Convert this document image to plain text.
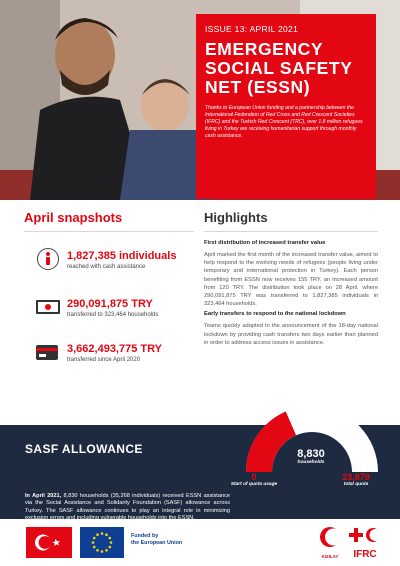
ISSUE 13: APRIL 2021
EMERGENCY
SOCIAL SAFETY
NET (ESSN)
Thanks to European Union funding and a partnership between the International Federation of Red Cross and Red Crescent Societies (IFRC) and the Turkish Red Crescent (TRC), over 1.8 million refugees living in Turkey are receiving humanitarian support through monthly cash assistance.
April snapshots
1,827,385 individuals
reached with cash assistance
290,091,875 TRY
transferred to 323,464 households
3,662,493,775 TRY
transferred since April 2020
Highlights
First distribution of increased transfer value
April marked the first month of the increased transfer value, aimed to help respond to the evolving needs of refugees (people living under temporary and international protection in Turkey). Each person benefiting from ESSN now receives 155 TRY, an increased amount from 120 TRY. The distribution took place on 28 April, where 290,091,875 TRY was transferred to 1,827,385 individuals in 323,464 households.
Early transfers to respond to the national lockdown
Teams quickly adapted to the announcement of the 18-day national lockdown by providing cash transfers two days earlier than planned in order to address access issues in assistance.
SASF ALLOWANCE
In April 2021, 8,830 households (35,268 individuals) received ESSN assistance via the Social Assistance and Solidarity Foundation (SASF) allowance across Turkey. The SASF allowance continues to play an integral role in minimizing
8,830
households
0
Start of quota usage
23,879
total quota
Funded by
the European Union
KIZILAY	IFRC
